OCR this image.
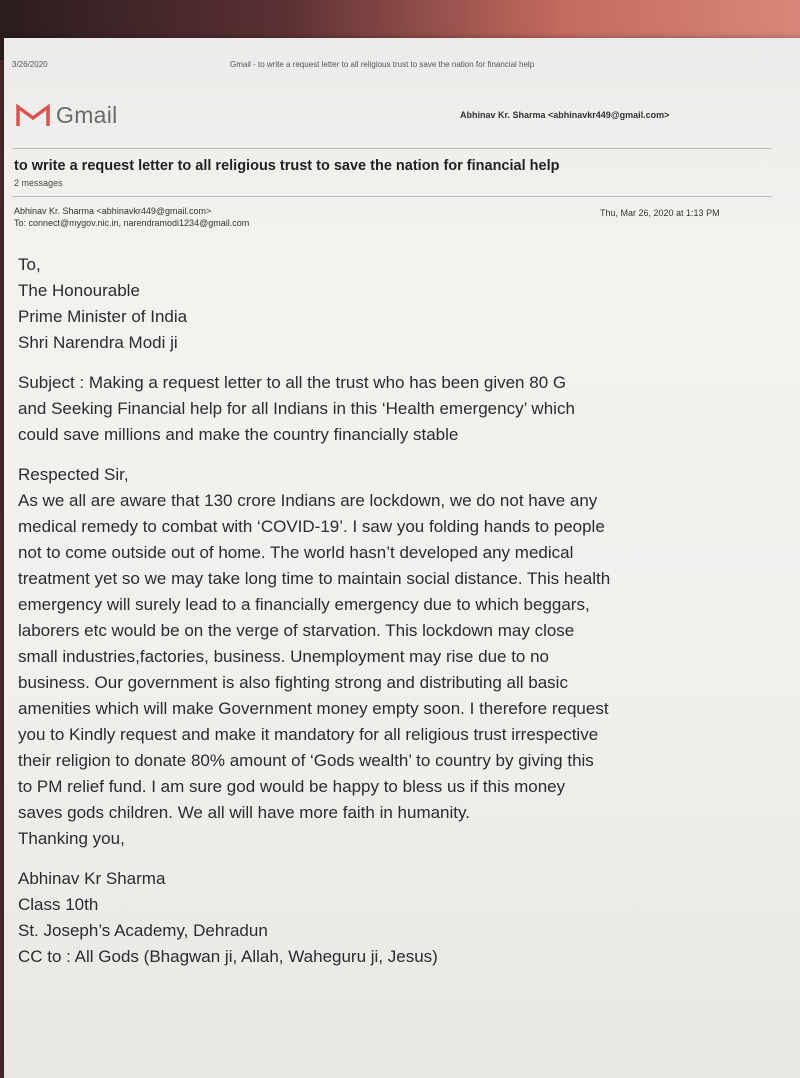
3/26/2020	Gmail - to write a request letter to all religious trust to save the nation for financial help
Gmail	Abhinav Kr. Sharma <abhinavkr449@gmail.com>
to write a request letter to all religious trust to save the nation for financial help
2 messages
Abhinav Kr. Sharma <abhinavkr449@gmail.com>
To: connect@mygov.nic.in, narendramodi1234@gmail.com
Thu, Mar 26, 2020 at 1:13 PM
To,
The Honourable
Prime Minister of India
Shri Narendra Modi ji
Subject : Making a request letter to all the trust who has been given 80 G
and Seeking Financial help for all Indians in this ‘Health emergency’ which
could save millions and make the country financially stable
Respected Sir,
As we all are aware that 130 crore Indians are lockdown, we do not have any
medical remedy to combat with ‘COVID-19’. I saw you folding hands to people
not to come outside out of home. The world hasn’t developed any medical
treatment yet so we may take long time to maintain social distance. This health
emergency will surely lead to a financially emergency due to which beggars,
laborers etc would be on the verge of starvation. This lockdown may close
small industries,factories, business. Unemployment may rise due to no
business. Our government is also fighting strong and distributing all basic
amenities which will make Government money empty soon. I therefore request
you to Kindly request and make it mandatory for all religious trust irrespective
their religion to donate 80% amount of ‘Gods wealth’ to country by giving this
to PM relief fund. I am sure god would be happy to bless us if this money
saves gods children. We all will have more faith in humanity.
Thanking you,
Abhinav Kr Sharma
Class 10th
St. Joseph’s Academy, Dehradun
CC to : All Gods (Bhagwan ji, Allah, Waheguru ji, Jesus)
